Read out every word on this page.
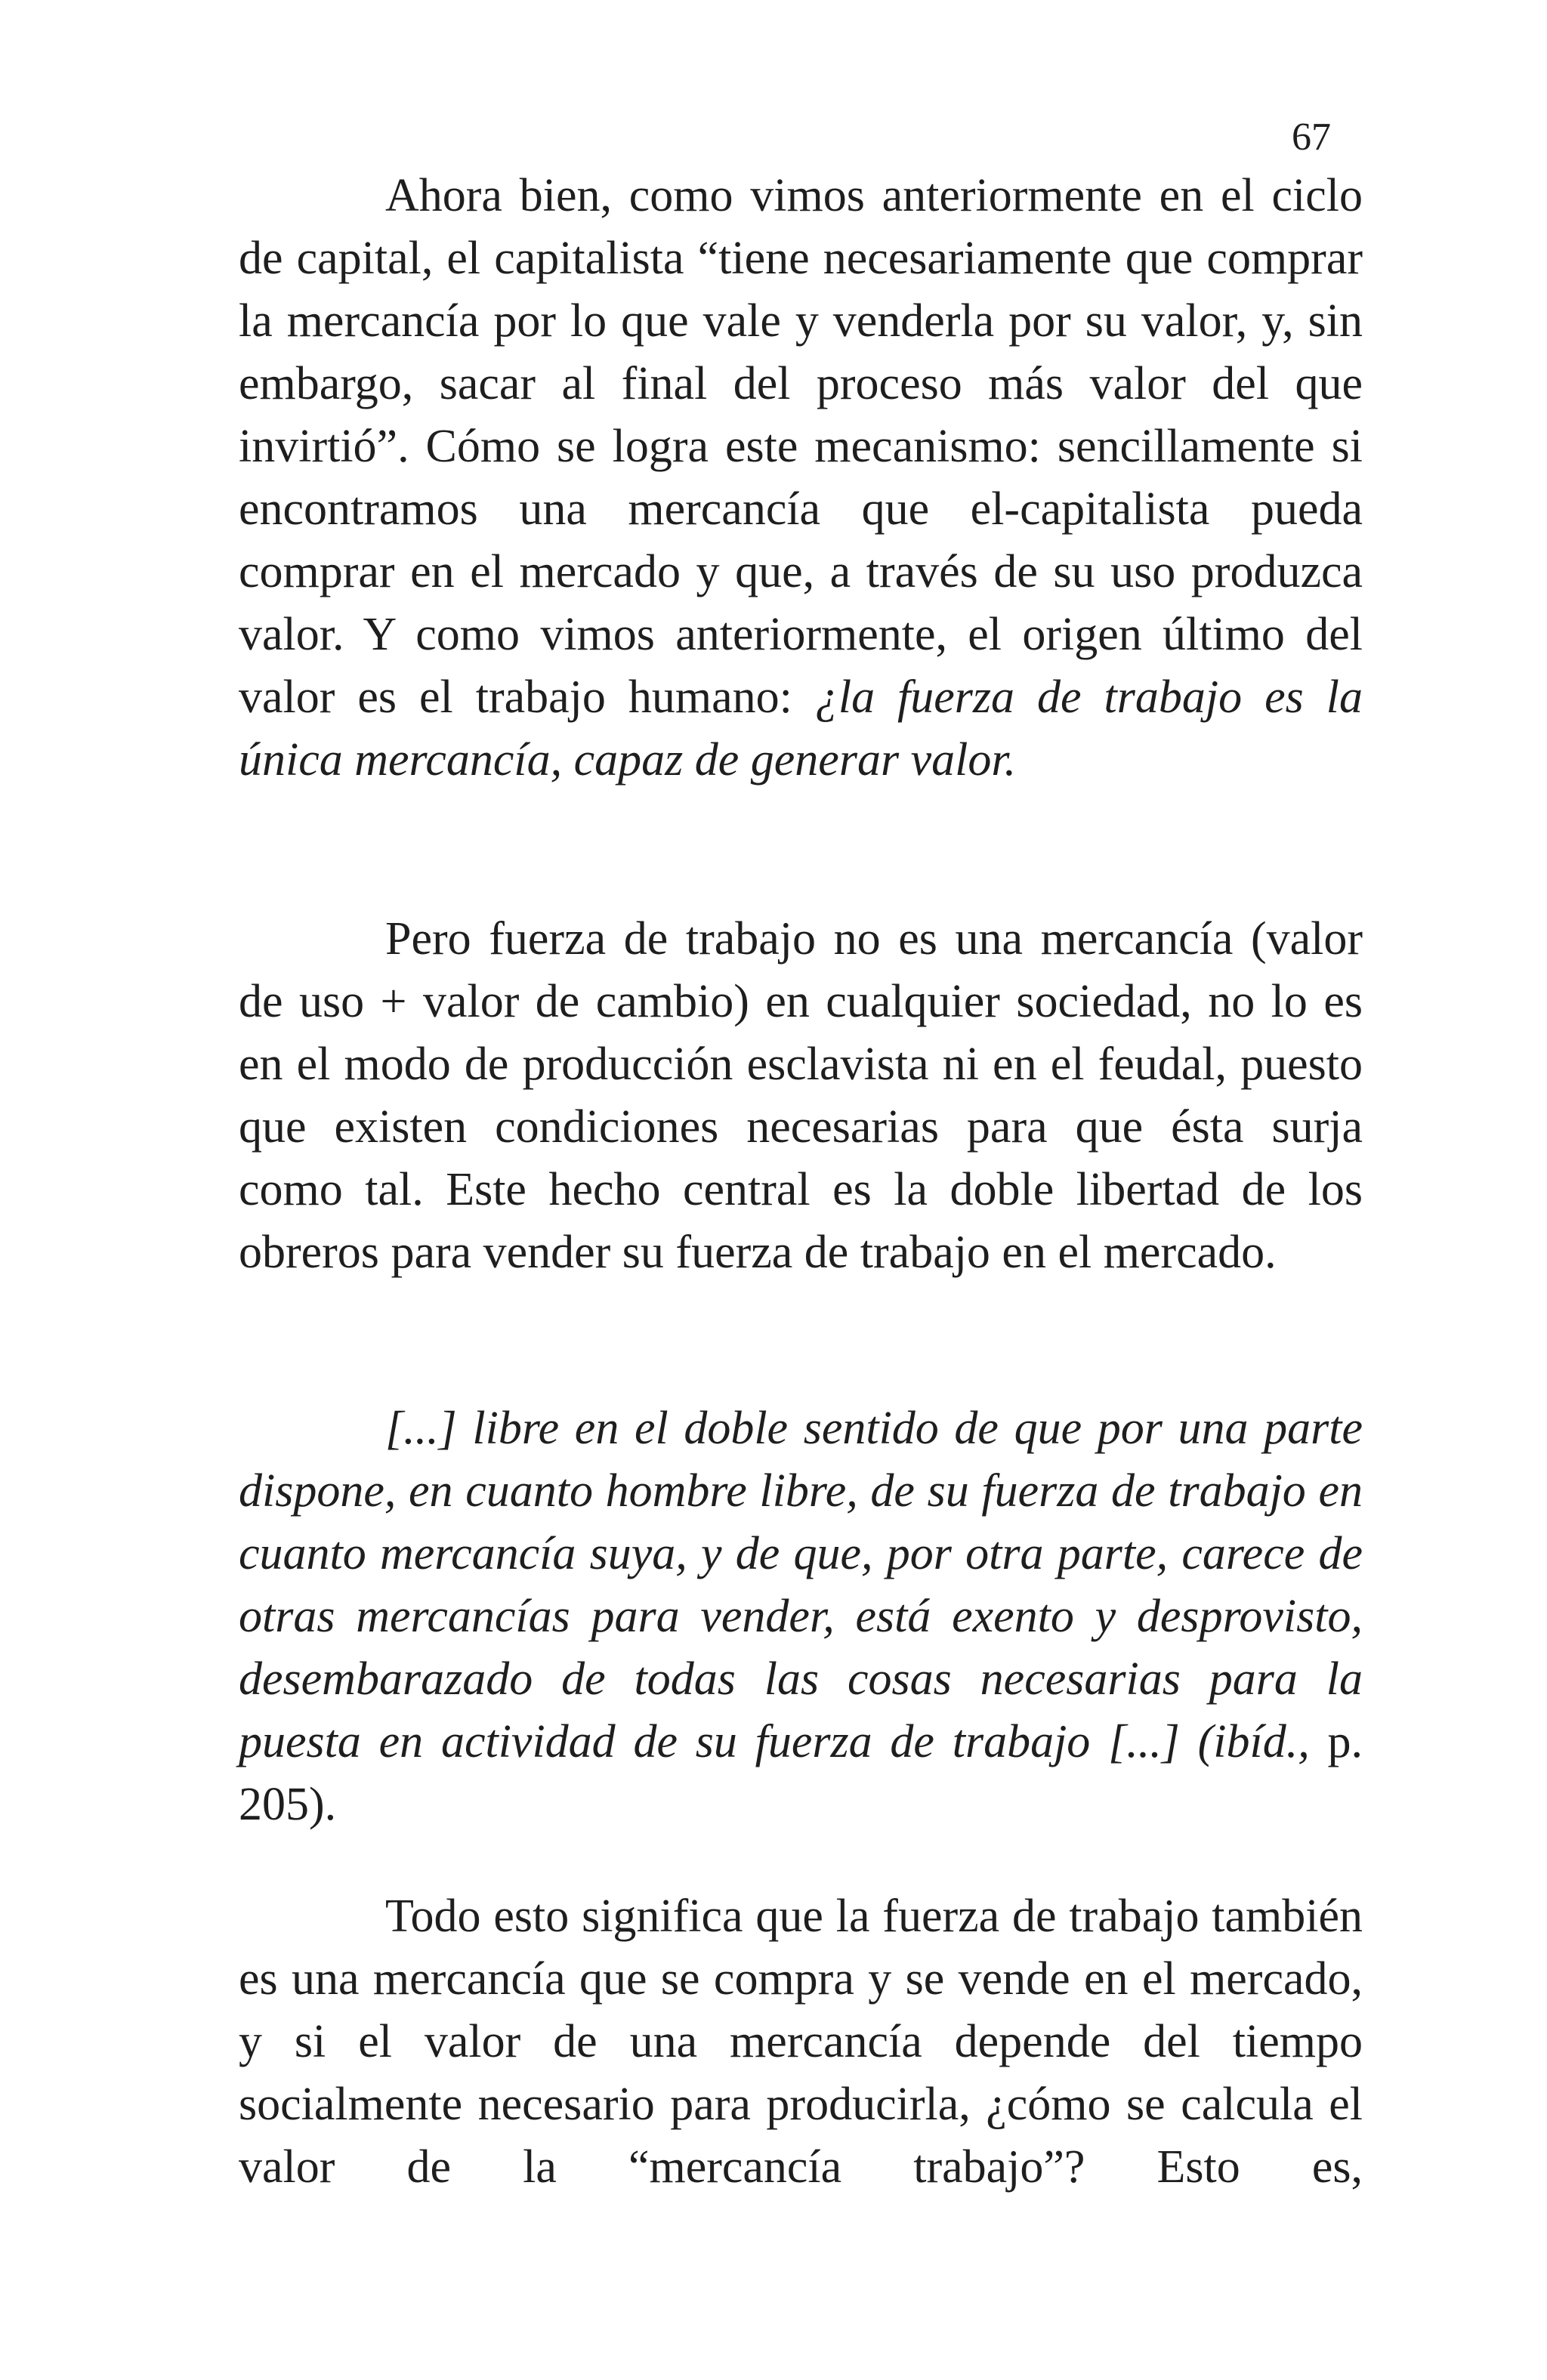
67

Ahora bien, como vimos anteriormente en el ciclo de capital, el capitalista “tiene necesariamente que comprar la mercancía por lo que vale y venderla por su valor, y, sin embargo, sacar al final del proceso más valor del que invirtió”. Cómo se logra este mecanismo: sencillamente si encontramos una mercancía que el-capitalista pueda comprar en el mercado y que, a través de su uso produzca valor. Y como vimos anteriormente, el origen último del valor es el trabajo humano: ¿la fuerza de trabajo es la única mercancía, capaz de generar valor.

Pero fuerza de trabajo no es una mercancía (valor de uso + valor de cambio) en cualquier sociedad, no lo es en el modo de producción esclavista ni en el feudal, puesto que existen condiciones necesarias para que ésta surja como tal. Este hecho central es la doble libertad de los obreros para vender su fuerza de trabajo en el mercado.

[...] libre en el doble sentido de que por una parte dispone, en cuanto hombre libre, de su fuerza de trabajo en cuanto mercancía suya, y de que, por otra parte, carece de otras mercancías para vender, está exento y desprovisto, desembarazado de todas las cosas necesarias para la puesta en actividad de su fuerza de trabajo [...] (ibíd., p. 205).

Todo esto significa que la fuerza de trabajo también es una mercancía que se compra y se vende en el mercado, y si el valor de una mercancía depende del tiempo socialmente necesario para producirla, ¿cómo se calcula el valor de la “mercancía trabajo”? Esto es,
